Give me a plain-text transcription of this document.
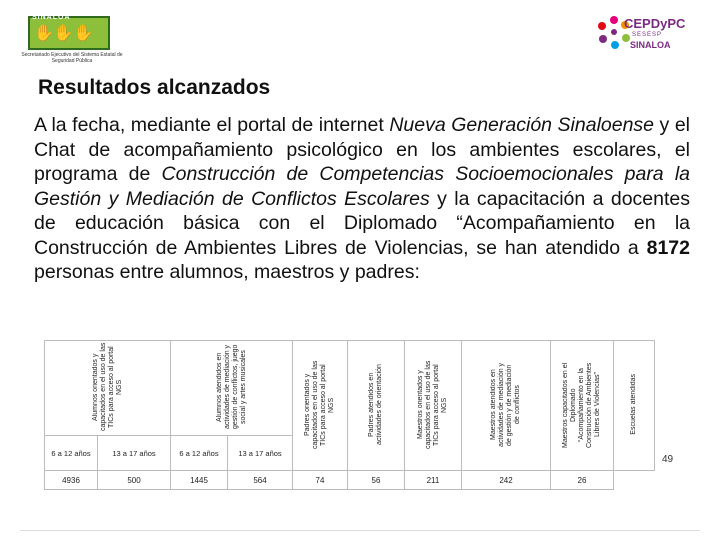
SINALOA
✋✋✋
Secretariado Ejecutivo del Sistema Estatal de Seguridad Pública
CEPDyPC
SESESP
SINALOA
Resultados alcanzados
A la fecha, mediante el portal de internet Nueva Generación Sinaloense y el Chat de acompañamiento psicológico en los ambientes escolares, el programa de Construcción de Competencias Socioemocionales para la Gestión y Mediación de Conflictos Escolares y la capacitación a docentes de educación básica con el Diplomado “Acompañamiento en la Construcción de Ambientes Libres de Violencias, se han atendido a 8172 personas entre alumnos, maestros y padres:
Alumnos orientados y capacitados en el uso de las TICs para acceso al portal NGS		Alumnos atendidos en actividades de mediación y gestión de conflictos, juego social y artes musicales		Padres orientados y capacitados en el uso de las TICs para acceso al portal NGS	Padres atendidos en actividades de orientación	Maestros orientados y capacitados en el uso de las TICs para acceso al portal NGS	Maestros atendidos en actividades de mediación y de gestión y de mediación de conflictos	Maestros capacitados en el Diplomado “Acompañamiento en la Construcción de Ambientes Libres de Violencias”	Escuelas atendidas
6 a 12 años	13 a 17 años	6 a 12 años	13 a 17 años						
4936	500	1445	564	74	56	211	242	26	
49
